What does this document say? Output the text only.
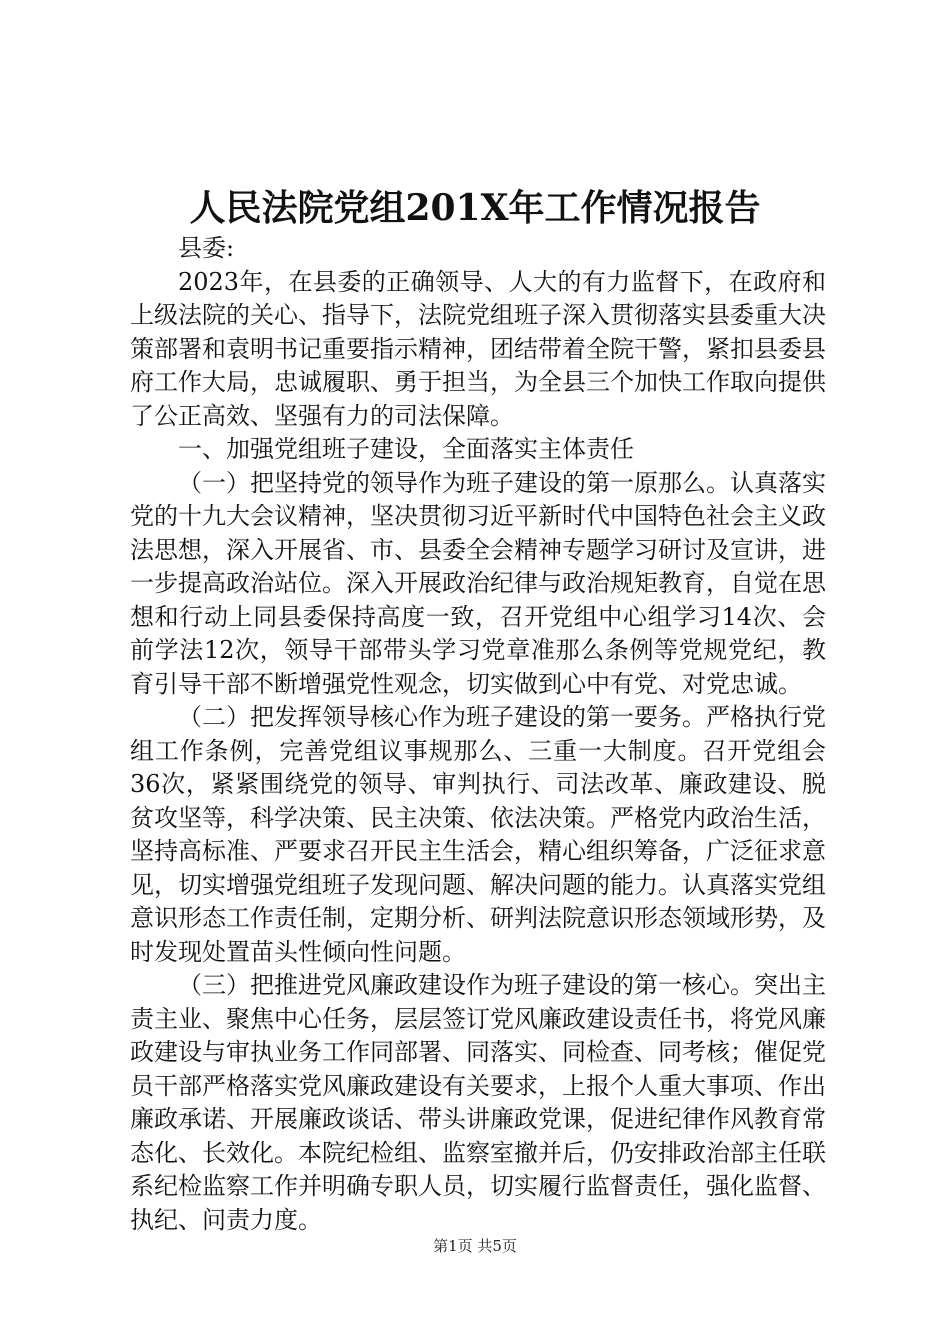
人民法院党组201X年工作情况报告

县委:

2023年，在县委的正确领导、人大的有力监督下，在政府和上级法院的关心、指导下，法院党组班子深入贯彻落实县委重大决策部署和袁明书记重要指示精神，团结带着全院干警，紧扣县委县府工作大局，忠诚履职、勇于担当，为全县三个加快工作取向提供了公正高效、坚强有力的司法保障。

一、加强党组班子建设，全面落实主体责任

（一）把坚持党的领导作为班子建设的第一原那么。认真落实党的十九大会议精神，坚决贯彻习近平新时代中国特色社会主义政法思想，深入开展省、市、县委全会精神专题学习研讨及宣讲，进一步提高政治站位。深入开展政治纪律与政治规矩教育，自觉在思想和行动上同县委保持高度一致，召开党组中心组学习14次、会前学法12次，领导干部带头学习党章准那么条例等党规党纪，教育引导干部不断增强党性观念，切实做到心中有党、对党忠诚。

（二）把发挥领导核心作为班子建设的第一要务。严格执行党组工作条例，完善党组议事规那么、三重一大制度。召开党组会36次，紧紧围绕党的领导、审判执行、司法改革、廉政建设、脱贫攻坚等，科学决策、民主决策、依法决策。严格党内政治生活，坚持高标准、严要求召开民主生活会，精心组织筹备，广泛征求意见，切实增强党组班子发现问题、解决问题的能力。认真落实党组意识形态工作责任制，定期分析、研判法院意识形态领域形势，及时发现处置苗头性倾向性问题。

（三）把推进党风廉政建设作为班子建设的第一核心。突出主责主业、聚焦中心任务，层层签订党风廉政建设责任书，将党风廉政建设与审执业务工作同部署、同落实、同检查、同考核；催促党员干部严格落实党风廉政建设有关要求，上报个人重大事项、作出廉政承诺、开展廉政谈话、带头讲廉政党课，促进纪律作风教育常态化、长效化。本院纪检组、监察室撤并后，仍安排政治部主任联系纪检监察工作并明确专职人员，切实履行监督责任，强化监督、执纪、问责力度。

第1页 共5页
